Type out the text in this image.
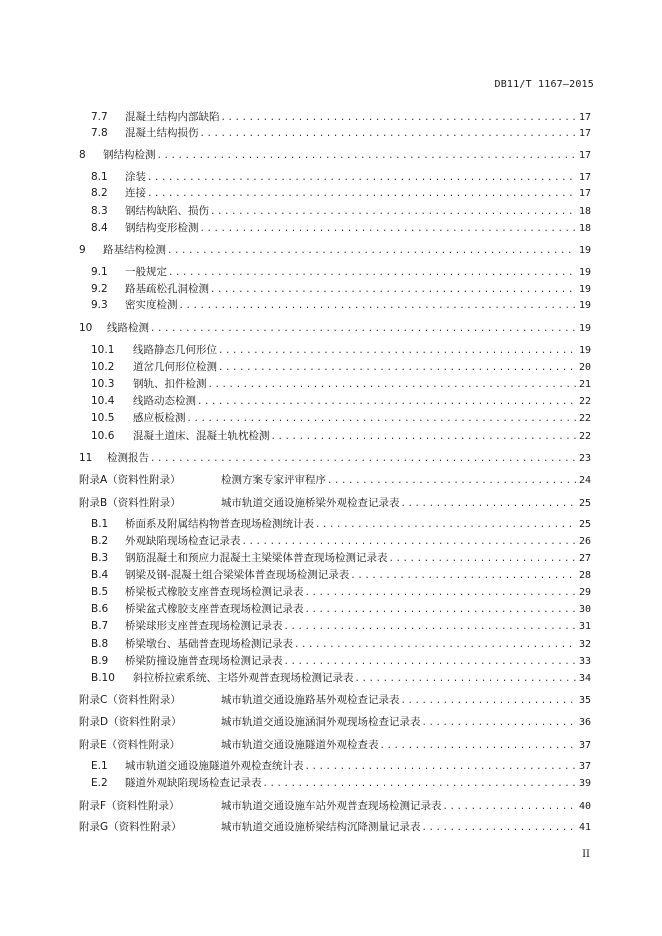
DB11/T 1167—2015
7.7	混凝土结构内部缺陷 .....	17
7.8	混凝土结构损伤 .....	17
8	钢结构检测 .....	17
8.1	涂装 .....	17
8.2	连接 .....	17
8.3	钢结构缺陷、损伤 .....	18
8.4	钢结构变形检测 .....	18
9	路基结构检测 .....	19
9.1	一般规定 .....	19
9.2	路基疏松孔洞检测 .....	19
9.3	密实度检测 .....	19
10	线路检测 .....	19
10.1	线路静态几何形位 .....	19
10.2	道岔几何形位检测 .....	20
10.3	钢轨、扣件检测 .....	21
10.4	线路动态检测 .....	22
10.5	感应板检测 .....	22
10.6	混凝土道床、混凝土轨枕检测 .....	22
11	检测报告 .....	23
附录A（资料性附录）	检测方案专家评审程序 .....	24
附录B（资料性附录）	城市轨道交通设施桥梁外观检查记录表 .....	25
B.1	桥面系及附属结构物普查现场检测统计表 .....	25
B.2	外观缺陷现场检查记录表 .....	26
B.3	钢筋混凝土和预应力混凝土主梁梁体普查现场检测记录表 .....	27
B.4	钢梁及钢-混凝土组合梁梁体普查现场检测记录表 .....	28
B.5	桥梁板式橡胶支座普查现场检测记录表 .....	29
B.6	桥梁盆式橡胶支座普查现场检测记录表 .....	30
B.7	桥梁球形支座普查现场检测记录表 .....	31
B.8	桥梁墩台、基础普查现场检测记录表 .....	32
B.9	桥梁防撞设施普查现场检测记录表 .....	33
B.10	斜拉桥拉索系统、主塔外观普查现场检测记录表 .....	34
附录C（资料性附录）	城市轨道交通设施路基外观检查记录表 .....	35
附录D（资料性附录）	城市轨道交通设施涵洞外观现场检查记录表 .....	36
附录E（资料性附录）	城市轨道交通设施隧道外观检查表 .....	37
E.1	城市轨道交通设施隧道外观检查统计表 .....	37
E.2	隧道外观缺陷现场检查记录表 .....	39
附录F（资料性附录）	城市轨道交通设施车站外观普查现场检测记录表 .....	40
附录G（资料性附录）	城市轨道交通设施桥梁结构沉降测量记录表 .....	41
II
